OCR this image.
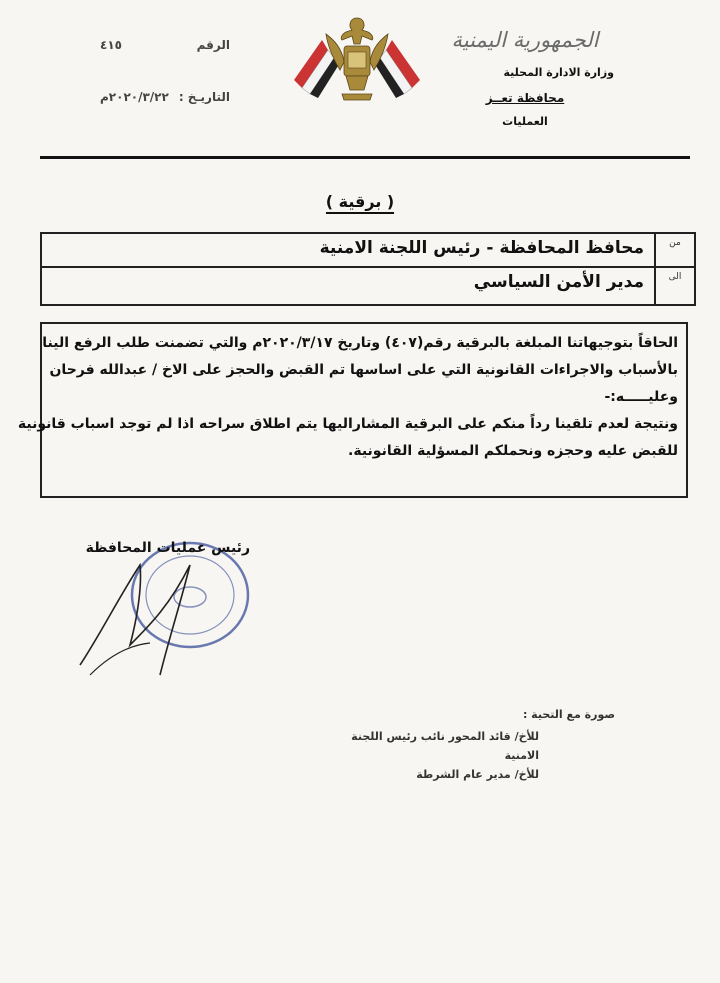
الجمهورية اليمنية
وزارة الادارة المحلية
محافظة تعــز
العمليات
الرقم
٤١٥
التاريـخ :
٢٠٢٠/٣/٢٢م
( برقية )
من
محافظ المحافظة - رئيس اللجنة الامنية
الى
مدير الأمن السياسي
الحاقاً بتوجيهاتنا المبلغة بالبرقية رقم(٤٠٧) وتاريخ ٢٠٢٠/٣/١٧م والتي تضمنت طلب الرفع الينا
بالأسباب والاجراءات القانونية التي على اساسها تم القبض والحجز على الاخ / عبدالله فرحان
وعليـــــه:-
ونتيجة لعدم تلقينا رداً منكم على البرقية المشاراليها يتم اطلاق سراحه اذا لم توجد اسباب قانونية
للقبض عليه وحجزه ونحملكم المسؤلية القانونية.
رئيس عمليات المحافظة
صورة مع التحية :
للأخ/ قائد المحور نائب رئيس اللجنة الامنية
للأخ/ مدير عام الشرطة
